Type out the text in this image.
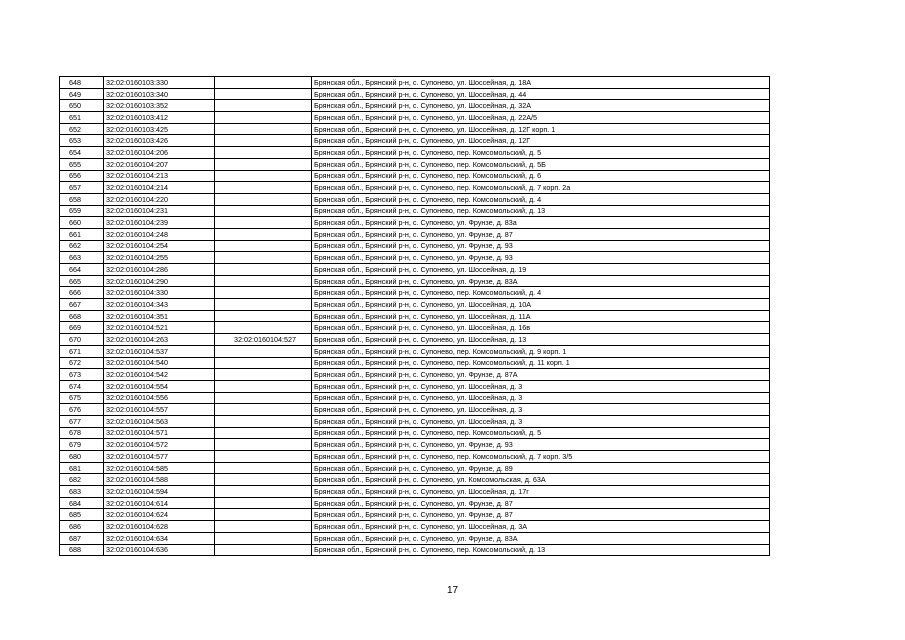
648	32:02:0160103:330		Брянская обл., Брянский р-н, с. Супонево, ул. Шоссейная, д. 18А
649	32:02:0160103:340		Брянская обл., Брянский р-н, с. Супонево, ул. Шоссейная, д. 44
650	32:02:0160103:352		Брянская обл., Брянский р-н, с. Супонево, ул. Шоссейная, д. 32А
651	32:02:0160103:412		Брянская обл., Брянский р-н, с. Супонево, ул. Шоссейная, д. 22А/5
652	32:02:0160103:425		Брянская обл., Брянский р-н, с. Супонево, ул. Шоссейная, д. 12Г корп. 1
653	32:02:0160103:426		Брянская обл., Брянский р-н, с. Супонево, ул. Шоссейная, д. 12Г
654	32:02:0160104:206		Брянская обл., Брянский р-н, с. Супонево, пер. Комсомольский, д. 5
655	32:02:0160104:207		Брянская обл., Брянский р-н, с. Супонево, пер. Комсомольский, д. 5Б
656	32:02:0160104:213		Брянская обл., Брянский р-н, с. Супонево, пер. Комсомольский, д. 6
657	32:02:0160104:214		Брянская обл., Брянский р-н, с. Супонево, пер. Комсомольский, д. 7 корп. 2а
658	32:02:0160104:220		Брянская обл., Брянский р-н, с. Супонево, пер. Комсомольский, д. 4
659	32:02:0160104:231		Брянская обл., Брянский р-н, с. Супонево, пер. Комсомольский, д. 13
660	32:02:0160104:239		Брянская обл., Брянский р-н, с. Супонево, ул. Фрунзе, д. 83а
661	32:02:0160104:248		Брянская обл., Брянский р-н, с. Супонево, ул. Фрунзе, д. 87
662	32:02:0160104:254		Брянская обл., Брянский р-н, с. Супонево, ул. Фрунзе, д. 93
663	32:02:0160104:255		Брянская обл., Брянский р-н, с. Супонево, ул. Фрунзе, д. 93
664	32:02:0160104:286		Брянская обл., Брянский р-н, с. Супонево, ул. Шоссейная, д. 19
665	32:02:0160104:290		Брянская обл., Брянский р-н, с. Супонево, ул. Фрунзе, д. 83А
666	32:02:0160104:330		Брянская обл., Брянский р-н, с. Супонево, пер. Комсомольский, д. 4
667	32:02:0160104:343		Брянская обл., Брянский р-н, с. Супонево, ул. Шоссейная, д. 10А
668	32:02:0160104:351		Брянская обл., Брянский р-н, с. Супонево, ул. Шоссейная, д. 11А
669	32:02:0160104:521		Брянская обл., Брянский р-н, с. Супонево, ул. Шоссейная, д. 16в
670	32:02:0160104:263	32:02:0160104:527	Брянская обл., Брянский р-н, с. Супонево, ул. Шоссейная, д. 13
671	32:02:0160104:537		Брянская обл., Брянский р-н, с. Супонево, пер. Комсомольский, д. 9 корп. 1
672	32:02:0160104:540		Брянская обл., Брянский р-н, с. Супонево, пер. Комсомольский, д. 11 корп. 1
673	32:02:0160104:542		Брянская обл., Брянский р-н, с. Супонево, ул. Фрунзе, д. 87А
674	32:02:0160104:554		Брянская обл., Брянский р-н, с. Супонево, ул. Шоссейная, д. 3
675	32:02:0160104:556		Брянская обл., Брянский р-н, с. Супонево, ул. Шоссейная, д. 3
676	32:02:0160104:557		Брянская обл., Брянский р-н, с. Супонево, ул. Шоссейная, д. 3
677	32:02:0160104:563		Брянская обл., Брянский р-н, с. Супонево, ул. Шоссейная, д. 3
678	32:02:0160104:571		Брянская обл., Брянский р-н, с. Супонево, пер. Комсомольский, д. 5
679	32:02:0160104:572		Брянская обл., Брянский р-н, с. Супонево, ул. Фрунзе, д. 93
680	32:02:0160104:577		Брянская обл., Брянский р-н, с. Супонево, пер. Комсомольский, д. 7 корп. 3/5
681	32:02:0160104:585		Брянская обл., Брянский р-н, с. Супонево, ул. Фрунзе, д. 89
682	32:02:0160104:588		Брянская обл., Брянский р-н, с. Супонево, ул. Комсомольская, д. 63А
683	32:02:0160104:594		Брянская обл., Брянский р-н, с. Супонево, ул. Шоссейная, д. 17г
684	32:02:0160104:614		Брянская обл., Брянский р-н, с. Супонево, ул. Фрунзе, д. 87
685	32:02:0160104:624		Брянская обл., Брянский р-н, с. Супонево, ул. Фрунзе, д. 87
686	32:02:0160104:628		Брянская обл., Брянский р-н, с. Супонево, ул. Шоссейная, д. 3А
687	32:02:0160104:634		Брянская обл., Брянский р-н, с. Супонево, ул. Фрунзе, д. 83А
688	32:02:0160104:636		Брянская обл., Брянский р-н, с. Супонево, пер. Комсомольский, д. 13
17
